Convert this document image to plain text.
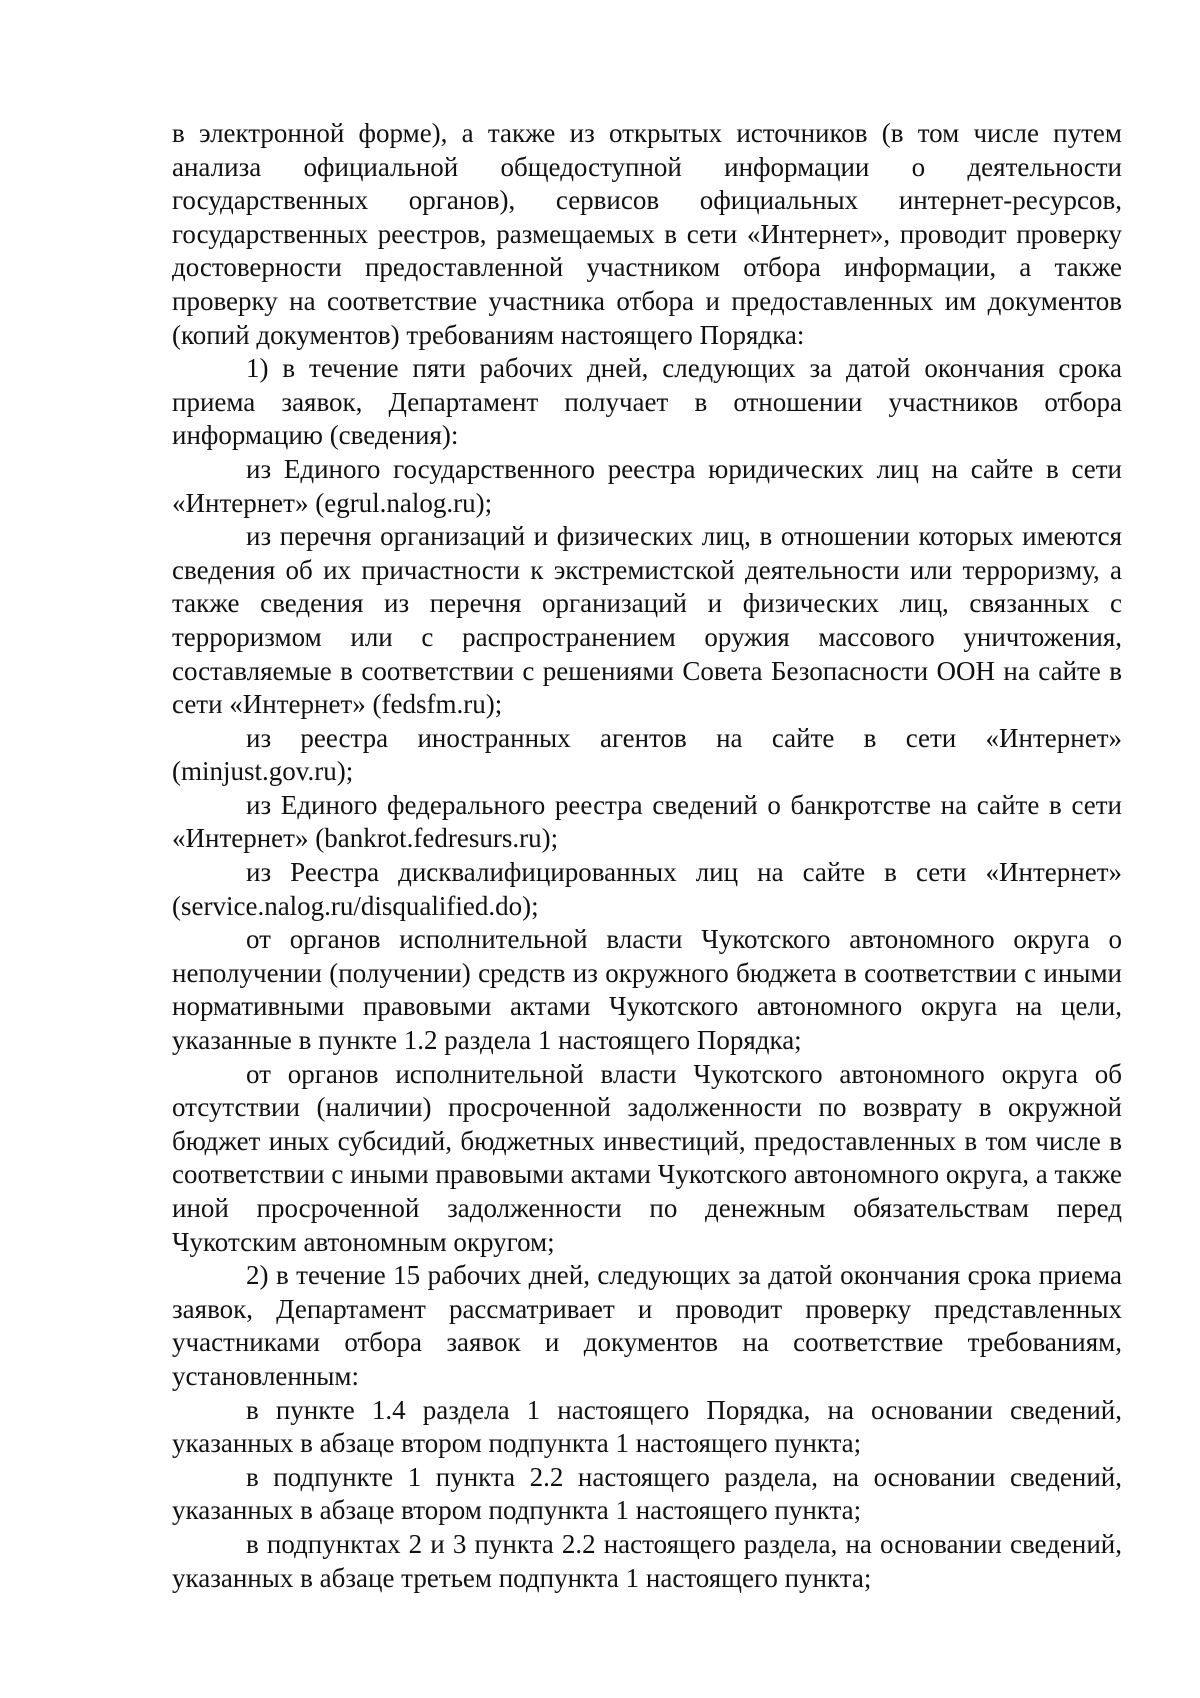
в электронной форме), а также из открытых источников (в том числе путем анализа официальной общедоступной информации о деятельности государственных органов), сервисов официальных интернет-ресурсов, государственных реестров, размещаемых в сети «Интернет», проводит проверку достоверности предоставленной участником отбора информации, а также проверку на соответствие участника отбора и предоставленных им документов (копий документов) требованиям настоящего Порядка:

1) в течение пяти рабочих дней, следующих за датой окончания срока приема заявок, Департамент получает в отношении участников отбора информацию (сведения):

из Единого государственного реестра юридических лиц на сайте в сети «Интернет» (egrul.nalog.ru);

из перечня организаций и физических лиц, в отношении которых имеются сведения об их причастности к экстремистской деятельности или терроризму, а также сведения из перечня организаций и физических лиц, связанных с терроризмом или с распространением оружия массового уничтожения, составляемые в соответствии с решениями Совета Безопасности ООН на сайте в сети «Интернет» (fedsfm.ru);

из реестра иностранных агентов на сайте в сети «Интернет» (minjust.gov.ru);

из Единого федерального реестра сведений о банкротстве на сайте в сети «Интернет» (bankrot.fedresurs.ru);

из Реестра дисквалифицированных лиц на сайте в сети «Интернет» (service.nalog.ru/disqualified.do);

от органов исполнительной власти Чукотского автономного округа о неполучении (получении) средств из окружного бюджета в соответствии с иными нормативными правовыми актами Чукотского автономного округа на цели, указанные в пункте 1.2 раздела 1 настоящего Порядка;

от органов исполнительной власти Чукотского автономного округа об отсутствии (наличии) просроченной задолженности по возврату в окружной бюджет иных субсидий, бюджетных инвестиций, предоставленных в том числе в соответствии с иными правовыми актами Чукотского автономного округа, а также иной просроченной задолженности по денежным обязательствам перед Чукотским автономным округом;

2) в течение 15 рабочих дней, следующих за датой окончания срока приема заявок, Департамент рассматривает и проводит проверку представленных участниками отбора заявок и документов на соответствие требованиям, установленным:

в пункте 1.4 раздела 1 настоящего Порядка, на основании сведений, указанных в абзаце втором подпункта 1 настоящего пункта;

в подпункте 1 пункта 2.2 настоящего раздела, на основании сведений, указанных в абзаце втором подпункта 1 настоящего пункта;

в подпунктах 2 и 3 пункта 2.2 настоящего раздела, на основании сведений, указанных в абзаце третьем подпункта 1 настоящего пункта;
